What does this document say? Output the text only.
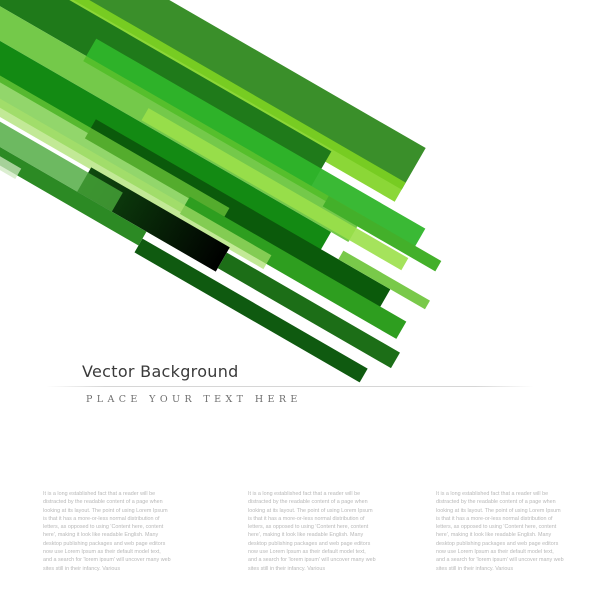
Vector Background
PLACE YOUR TEXT HERE
It is a long established fact that a reader will be distracted by the readable content of a page when looking at its layout. The point of using Lorem Ipsum is that it has a more-or-less normal distribution of letters, as opposed to using 'Content here, content here', making it look like readable English. Many desktop publishing packages and web page editors now use Lorem Ipsum as their default model text, and a search for 'lorem ipsum' will uncover many web sites still in their infancy. Various
It is a long established fact that a reader will be distracted by the readable content of a page when looking at its layout. The point of using Lorem Ipsum is that it has a more-or-less normal distribution of letters, as opposed to using 'Content here, content here', making it look like readable English. Many desktop publishing packages and web page editors now use Lorem Ipsum as their default model text, and a search for 'lorem ipsum' will uncover many web sites still in their infancy. Various
It is a long established fact that a reader will be distracted by the readable content of a page when looking at its layout. The point of using Lorem Ipsum is that it has a more-or-less normal distribution of letters, as opposed to using 'Content here, content here', making it look like readable English. Many desktop publishing packages and web page editors now use Lorem Ipsum as their default model text, and a search for 'lorem ipsum' will uncover many web sites still in their infancy. Various
